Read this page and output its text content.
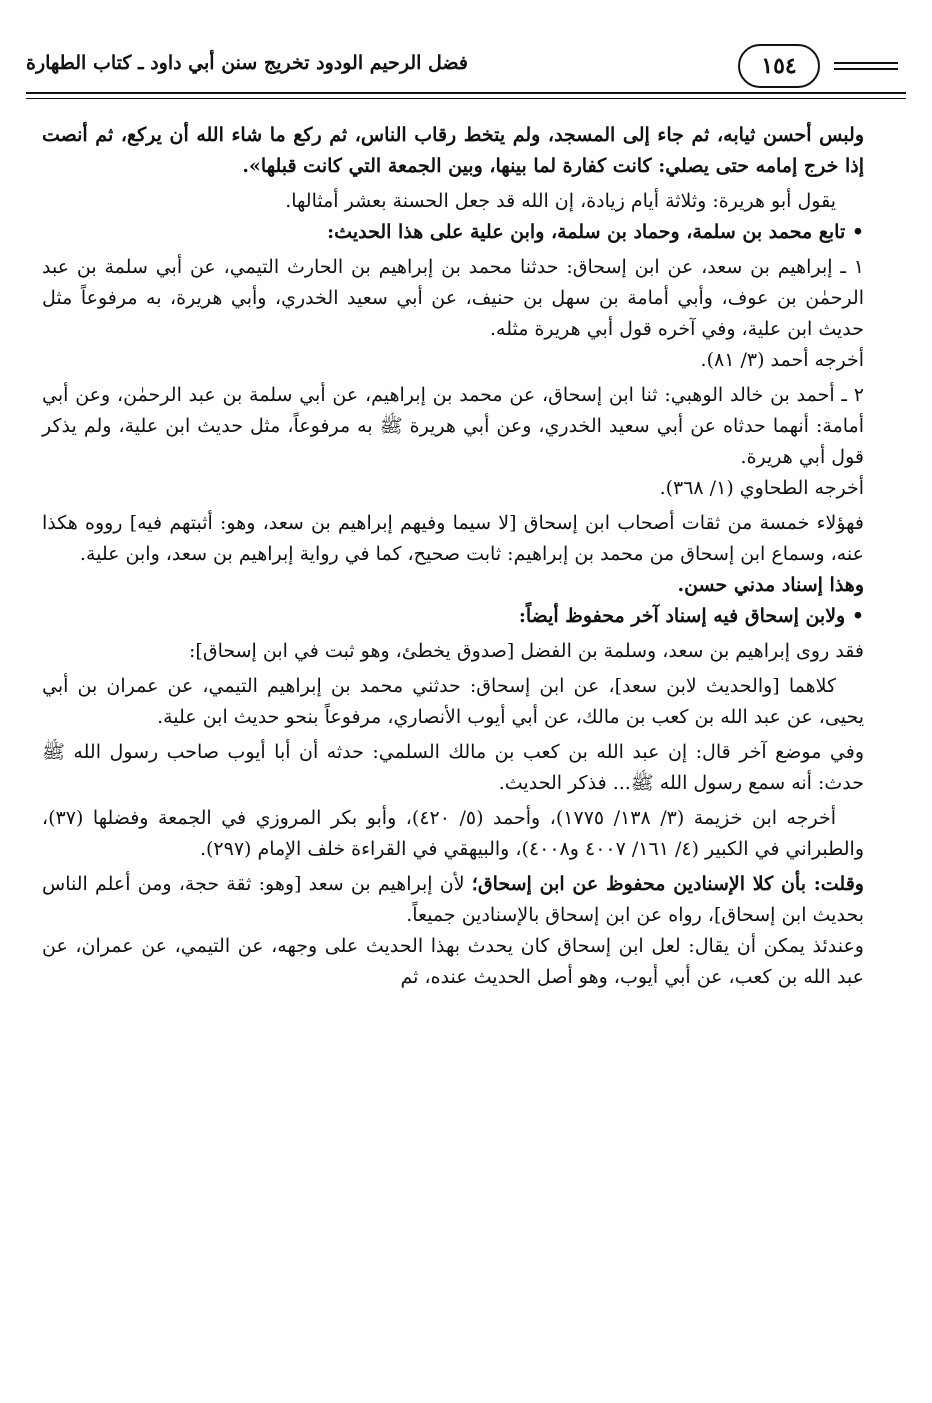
فضل الرحيم الودود تخريج سنن أبي داود ـ كتاب الطهارة	١٥٤

ولبس أحسن ثيابه، ثم جاء إلى المسجد، ولم يتخط رقاب الناس، ثم ركع ما شاء الله أن يركع، ثم أنصت إذا خرج إمامه حتى يصلي: كانت كفارة لما بينها، وبين الجمعة التي كانت قبلها».

يقول أبو هريرة: وثلاثة أيام زيادة، إن الله قد جعل الحسنة بعشر أمثالها.

• تابع محمد بن سلمة، وحماد بن سلمة، وابن علية على هذا الحديث:

١ ـ إبراهيم بن سعد، عن ابن إسحاق: حدثنا محمد بن إبراهيم بن الحارث التيمي، عن أبي سلمة بن عبد الرحمٰن بن عوف، وأبي أمامة بن سهل بن حنيف، عن أبي سعيد الخدري، وأبي هريرة، به مرفوعاً مثل حديث ابن علية، وفي آخره قول أبي هريرة مثله.

أخرجه أحمد (٣/ ٨١).

٢ ـ أحمد بن خالد الوهبي: ثنا ابن إسحاق، عن محمد بن إبراهيم، عن أبي سلمة بن عبد الرحمٰن، وعن أبي أمامة: أنهما حدثاه عن أبي سعيد الخدري، وعن أبي هريرة ﷺ به مرفوعاً، مثل حديث ابن علية، ولم يذكر قول أبي هريرة.

أخرجه الطحاوي (١/ ٣٦٨).

فهؤلاء خمسة من ثقات أصحاب ابن إسحاق [لا سيما وفيهم إبراهيم بن سعد، وهو: أثبتهم فيه] رووه هكذا عنه، وسماع ابن إسحاق من محمد بن إبراهيم: ثابت صحيح، كما في رواية إبراهيم بن سعد، وابن علية.

وهذا إسناد مدني حسن.

• ولابن إسحاق فيه إسناد آخر محفوظ أيضاً:

فقد روى إبراهيم بن سعد، وسلمة بن الفضل [صدوق يخطئ، وهو ثبت في ابن إسحاق]:

كلاهما [والحديث لابن سعد]، عن ابن إسحاق: حدثني محمد بن إبراهيم التيمي، عن عمران بن أبي يحيى، عن عبد الله بن كعب بن مالك، عن أبي أيوب الأنصاري، مرفوعاً بنحو حديث ابن علية.

وفي موضع آخر قال: إن عبد الله بن كعب بن مالك السلمي: حدثه أن أبا أيوب صاحب رسول الله ﷺ حدث: أنه سمع رسول الله ﷺ... فذكر الحديث.

أخرجه ابن خزيمة (٣/ ١٣٨/ ١٧٧٥)، وأحمد (٥/ ٤٢٠)، وأبو بكر المروزي في الجمعة وفضلها (٣٧)، والطبراني في الكبير (٤/ ١٦١/ ٤٠٠٧ و٤٠٠٨)، والبيهقي في القراءة خلف الإمام (٢٩٧).

وقلت: بأن كلا الإسنادين محفوظ عن ابن إسحاق؛ لأن إبراهيم بن سعد [وهو: ثقة حجة، ومن أعلم الناس بحديث ابن إسحاق]، رواه عن ابن إسحاق بالإسنادين جميعاً.

وعندئذ يمكن أن يقال: لعل ابن إسحاق كان يحدث بهذا الحديث على وجهه، عن التيمي، عن عمران، عن عبد الله بن كعب، عن أبي أيوب، وهو أصل الحديث عنده، ثم
